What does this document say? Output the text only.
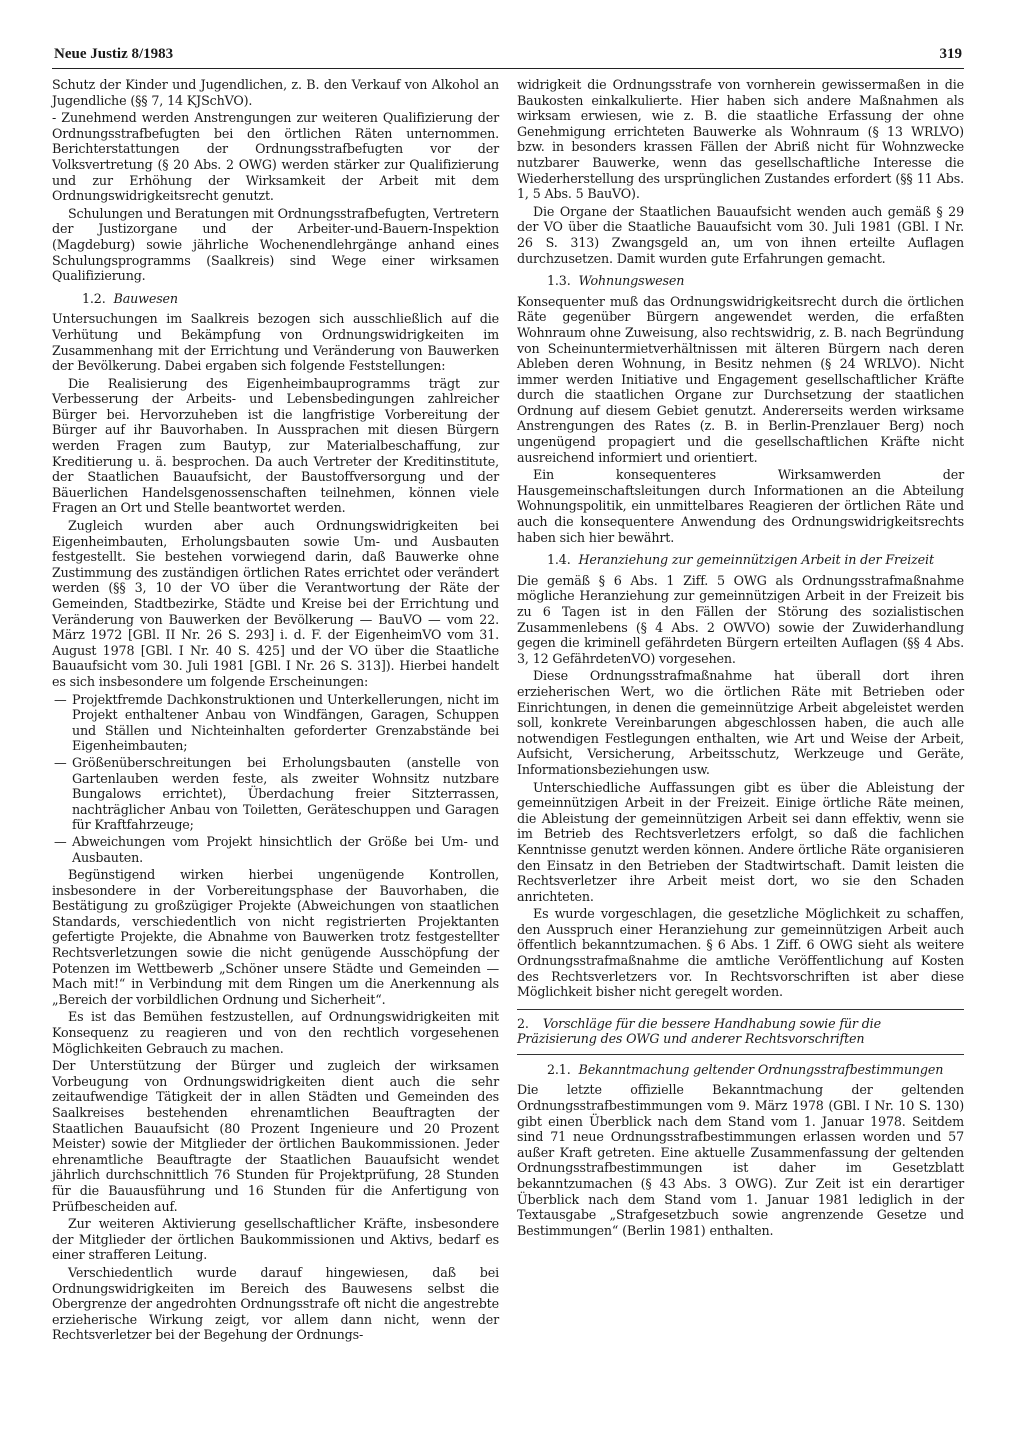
Neue Justiz 8/1983	319

Schutz der Kinder und Jugendlichen, z. B. den Verkauf von Alkohol an Jugendliche (§§ 7, 14 KJSchVO).

- Zunehmend werden Anstrengungen zur weiteren Qualifizierung der Ordnungsstrafbefugten bei den örtlichen Räten unternommen. Berichterstattungen der Ordnungsstrafbefugten vor der Volksvertretung (§ 20 Abs. 2 OWG) werden stärker zur Qualifizierung und zur Erhöhung der Wirksamkeit der Arbeit mit dem Ordnungswidrigkeitsrecht genutzt.

Schulungen und Beratungen mit Ordnungsstrafbefugten, Vertretern der Justizorgane und der Arbeiter-und-Bauern-Inspektion (Magdeburg) sowie jährliche Wochenendlehrgänge anhand eines Schulungsprogramms (Saalkreis) sind Wege einer wirksamen Qualifizierung.

1.2. Bauwesen

Untersuchungen im Saalkreis bezogen sich ausschließlich auf die Verhütung und Bekämpfung von Ordnungswidrigkeiten im Zusammenhang mit der Errichtung und Veränderung von Bauwerken der Bevölkerung. Dabei ergaben sich folgende Feststellungen:

Die Realisierung des Eigenheimbauprogramms trägt zur Verbesserung der Arbeits- und Lebensbedingungen zahlreicher Bürger bei. Hervorzuheben ist die langfristige Vorbereitung der Bürger auf ihr Bauvorhaben. In Aussprachen mit diesen Bürgern werden Fragen zum Bautyp, zur Materialbeschaffung, zur Kreditierung u. ä. besprochen. Da auch Vertreter der Kreditinstitute, der Staatlichen Bauaufsicht, der Baustoffversorgung und der Bäuerlichen Handelsgenossenschaften teilnehmen, können viele Fragen an Ort und Stelle beantwortet werden.

Zugleich wurden aber auch Ordnungswidrigkeiten bei Eigenheimbauten, Erholungsbauten sowie Um- und Ausbauten festgestellt. Sie bestehen vorwiegend darin, daß Bauwerke ohne Zustimmung des zuständigen örtlichen Rates errichtet oder verändert werden (§§ 3, 10 der VO über die Verantwortung der Räte der Gemeinden, Stadtbezirke, Städte und Kreise bei der Errichtung und Veränderung von Bauwerken der Bevölkerung — BauVO — vom 22. März 1972 [GBl. II Nr. 26 S. 293] i. d. F. der EigenheimVO vom 31. August 1978 [GBl. I Nr. 40 S. 425] und der VO über die Staatliche Bauaufsicht vom 30. Juli 1981 [GBl. I Nr. 26 S. 313]). Hierbei handelt es sich insbesondere um folgende Erscheinungen:

— Projektfremde Dachkonstruktionen und Unterkellerungen, nicht im Projekt enthaltener Anbau von Windfängen, Garagen, Schuppen und Ställen und Nichteinhalten geforderter Grenzabstände bei Eigenheimbauten;
— Größenüberschreitungen bei Erholungsbauten (anstelle von Gartenlauben werden feste, als zweiter Wohnsitz nutzbare Bungalows errichtet), Überdachung freier Sitzterrassen, nachträglicher Anbau von Toiletten, Geräteschuppen und Garagen für Kraftfahrzeuge;
— Abweichungen vom Projekt hinsichtlich der Größe bei Um- und Ausbauten.

Begünstigend wirken hierbei ungenügende Kontrollen, insbesondere in der Vorbereitungsphase der Bauvorhaben, die Bestätigung zu großzügiger Projekte (Abweichungen von staatlichen Standards, verschiedentlich von nicht registrierten Projektanten gefertigte Projekte, die Abnahme von Bauwerken trotz festgestellter Rechtsverletzungen sowie die nicht genügende Ausschöpfung der Potenzen im Wettbewerb „Schöner unsere Städte und Gemeinden — Mach mit!“ in Verbindung mit dem Ringen um die Anerkennung als „Bereich der vorbildlichen Ordnung und Sicherheit“.

Es ist das Bemühen festzustellen, auf Ordnungswidrigkeiten mit Konsequenz zu reagieren und von den rechtlich vorgesehenen Möglichkeiten Gebrauch zu machen.

Der Unterstützung der Bürger und zugleich der wirksamen Vorbeugung von Ordnungswidrigkeiten dient auch die sehr zeitaufwendige Tätigkeit der in allen Städten und Gemeinden des Saalkreises bestehenden ehrenamtlichen Beauftragten der Staatlichen Bauaufsicht (80 Prozent Ingenieure und 20 Prozent Meister) sowie der Mitglieder der örtlichen Baukommissionen. Jeder ehrenamtliche Beauftragte der Staatlichen Bauaufsicht wendet jährlich durchschnittlich 76 Stunden für Projektprüfung, 28 Stunden für die Bauausführung und 16 Stunden für die Anfertigung von Prüfbescheiden auf.

Zur weiteren Aktivierung gesellschaftlicher Kräfte, insbesondere der Mitglieder der örtlichen Baukommissionen und Aktivs, bedarf es einer strafferen Leitung.

Verschiedentlich wurde darauf hingewiesen, daß bei Ordnungswidrigkeiten im Bereich des Bauwesens selbst die Obergrenze der angedrohten Ordnungsstrafe oft nicht die angestrebte erzieherische Wirkung zeigt, vor allem dann nicht, wenn der Rechtsverletzer bei der Begehung der Ordnungs-

widrigkeit die Ordnungsstrafe von vornherein gewissermaßen in die Baukosten einkalkulierte. Hier haben sich andere Maßnahmen als wirksam erwiesen, wie z. B. die staatliche Erfassung der ohne Genehmigung errichteten Bauwerke als Wohnraum (§ 13 WRLVO) bzw. in besonders krassen Fällen der Abriß nicht für Wohnzwecke nutzbarer Bauwerke, wenn das gesellschaftliche Interesse die Wiederherstellung des ursprünglichen Zustandes erfordert (§§ 11 Abs. 1, 5 Abs. 5 BauVO).

Die Organe der Staatlichen Bauaufsicht wenden auch gemäß § 29 der VO über die Staatliche Bauaufsicht vom 30. Juli 1981 (GBl. I Nr. 26 S. 313) Zwangsgeld an, um von ihnen erteilte Auflagen durchzusetzen. Damit wurden gute Erfahrungen gemacht.

1.3. Wohnungswesen

Konsequenter muß das Ordnungswidrigkeitsrecht durch die örtlichen Räte gegenüber Bürgern angewendet werden, die erfaßten Wohnraum ohne Zuweisung, also rechtswidrig, z. B. nach Begründung von Scheinuntermietverhältnissen mit älteren Bürgern nach deren Ableben deren Wohnung, in Besitz nehmen (§ 24 WRLVO). Nicht immer werden Initiative und Engagement gesellschaftlicher Kräfte durch die staatlichen Organe zur Durchsetzung der staatlichen Ordnung auf diesem Gebiet genutzt. Andererseits werden wirksame Anstrengungen des Rates (z. B. in Berlin-Prenzlauer Berg) noch ungenügend propagiert und die gesellschaftlichen Kräfte nicht ausreichend informiert und orientiert.

Ein konsequenteres Wirksamwerden der Hausgemeinschaftsleitungen durch Informationen an die Abteilung Wohnungspolitik, ein unmittelbares Reagieren der örtlichen Räte und auch die konsequentere Anwendung des Ordnungswidrigkeitsrechts haben sich hier bewährt.

1.4. Heranziehung zur gemeinnützigen Arbeit in der Freizeit

Die gemäß § 6 Abs. 1 Ziff. 5 OWG als Ordnungsstrafmaßnahme mögliche Heranziehung zur gemeinnützigen Arbeit in der Freizeit bis zu 6 Tagen ist in den Fällen der Störung des sozialistischen Zusammenlebens (§ 4 Abs. 2 OWVO) sowie der Zuwiderhandlung gegen die kriminell gefährdeten Bürgern erteilten Auflagen (§§ 4 Abs. 3, 12 GefährdetenVO) vorgesehen.

Diese Ordnungsstrafmaßnahme hat überall dort ihren erzieherischen Wert, wo die örtlichen Räte mit Betrieben oder Einrichtungen, in denen die gemeinnützige Arbeit abgeleistet werden soll, konkrete Vereinbarungen abgeschlossen haben, die auch alle notwendigen Festlegungen enthalten, wie Art und Weise der Arbeit, Aufsicht, Versicherung, Arbeitsschutz, Werkzeuge und Geräte, Informationsbeziehungen usw.

Unterschiedliche Auffassungen gibt es über die Ableistung der gemeinnützigen Arbeit in der Freizeit. Einige örtliche Räte meinen, die Ableistung der gemeinnützigen Arbeit sei dann effektiv, wenn sie im Betrieb des Rechtsverletzers erfolgt, so daß die fachlichen Kenntnisse genutzt werden können. Andere örtliche Räte organisieren den Einsatz in den Betrieben der Stadtwirtschaft. Damit leisten die Rechtsverletzer ihre Arbeit meist dort, wo sie den Schaden anrichteten.

Es wurde vorgeschlagen, die gesetzliche Möglichkeit zu schaffen, den Ausspruch einer Heranziehung zur gemeinnützigen Arbeit auch öffentlich bekanntzumachen. § 6 Abs. 1 Ziff. 6 OWG sieht als weitere Ordnungsstrafmaßnahme die amtliche Veröffentlichung auf Kosten des Rechtsverletzers vor. In Rechtsvorschriften ist aber diese Möglichkeit bisher nicht geregelt worden.

2. Vorschläge für die bessere Handhabung sowie für die Präzisierung des OWG und anderer Rechtsvorschriften
2.1. Bekanntmachung geltender Ordnungsstrafbestimmungen

Die letzte offizielle Bekanntmachung der geltenden Ordnungsstrafbestimmungen vom 9. März 1978 (GBl. I Nr. 10 S. 130) gibt einen Überblick nach dem Stand vom 1. Januar 1978. Seitdem sind 71 neue Ordnungsstrafbestimmungen erlassen worden und 57 außer Kraft getreten. Eine aktuelle Zusammenfassung der geltenden Ordnungsstrafbestimmungen ist daher im Gesetzblatt bekanntzumachen (§ 43 Abs. 3 OWG). Zur Zeit ist ein derartiger Überblick nach dem Stand vom 1. Januar 1981 lediglich in der Textausgabe „Strafgesetzbuch sowie angrenzende Gesetze und Bestimmungen“ (Berlin 1981) enthalten.
